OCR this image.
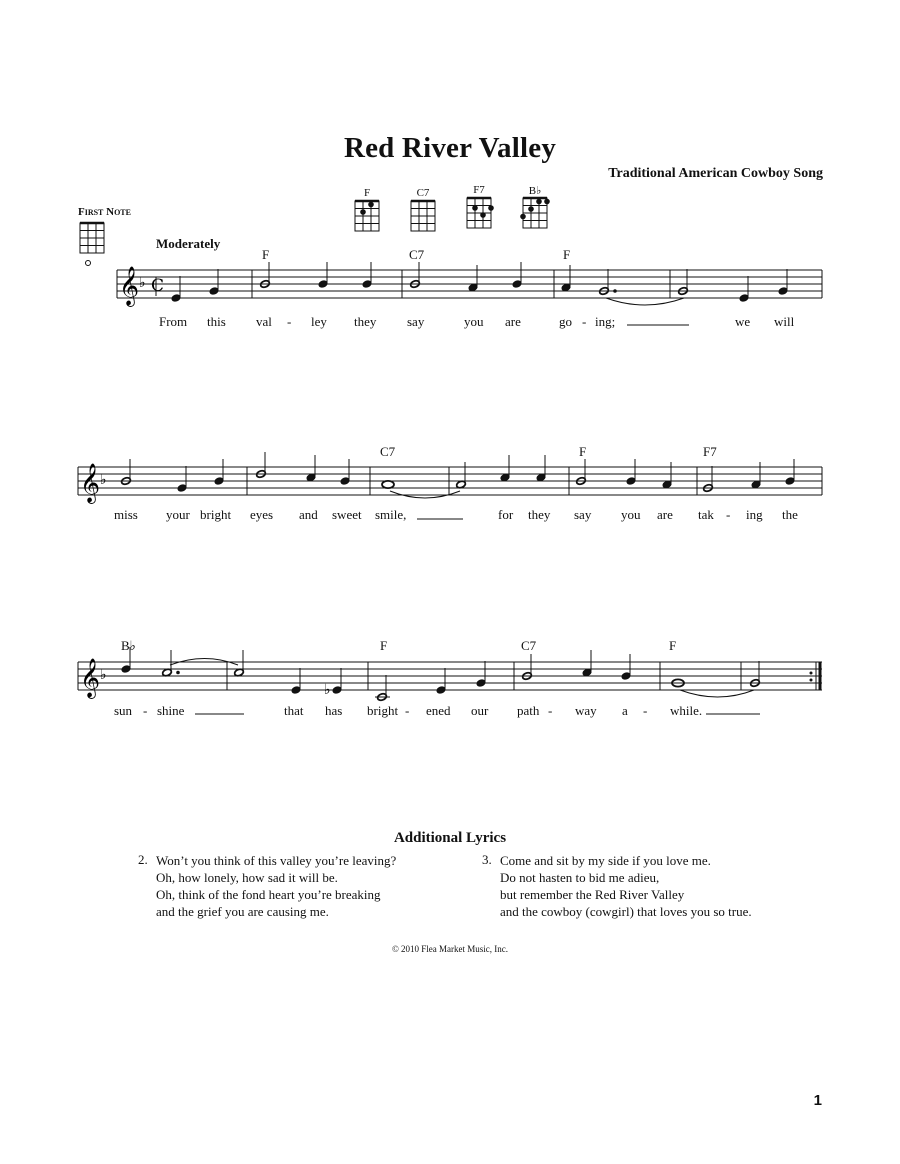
Red River Valley
Traditional American Cowboy Song
First Note
Moderately
F	C7	F7	B♭
𝄞 ♭ C
𝄞 ♭
𝄞 ♭
♭
F	C7	F
C7	F	F7
B♭	F	C7	F
From this val - ley they say	you are	go - ing;	we will
miss your bright eyes and sweet smile,	for they say you are tak - ing the
sun - shine	that has bright - ened our path - way a - while.
Additional Lyrics
2. Won’t you think of this valley you’re leaving?
Oh, how lonely, how sad it will be.
Oh, think of the fond heart you’re breaking
and the grief you are causing me.
3. Come and sit by my side if you love me.
Do not hasten to bid me adieu,
but remember the Red River Valley
and the cowboy (cowgirl) that loves you so true.
© 2010 Flea Market Music, Inc.
1
